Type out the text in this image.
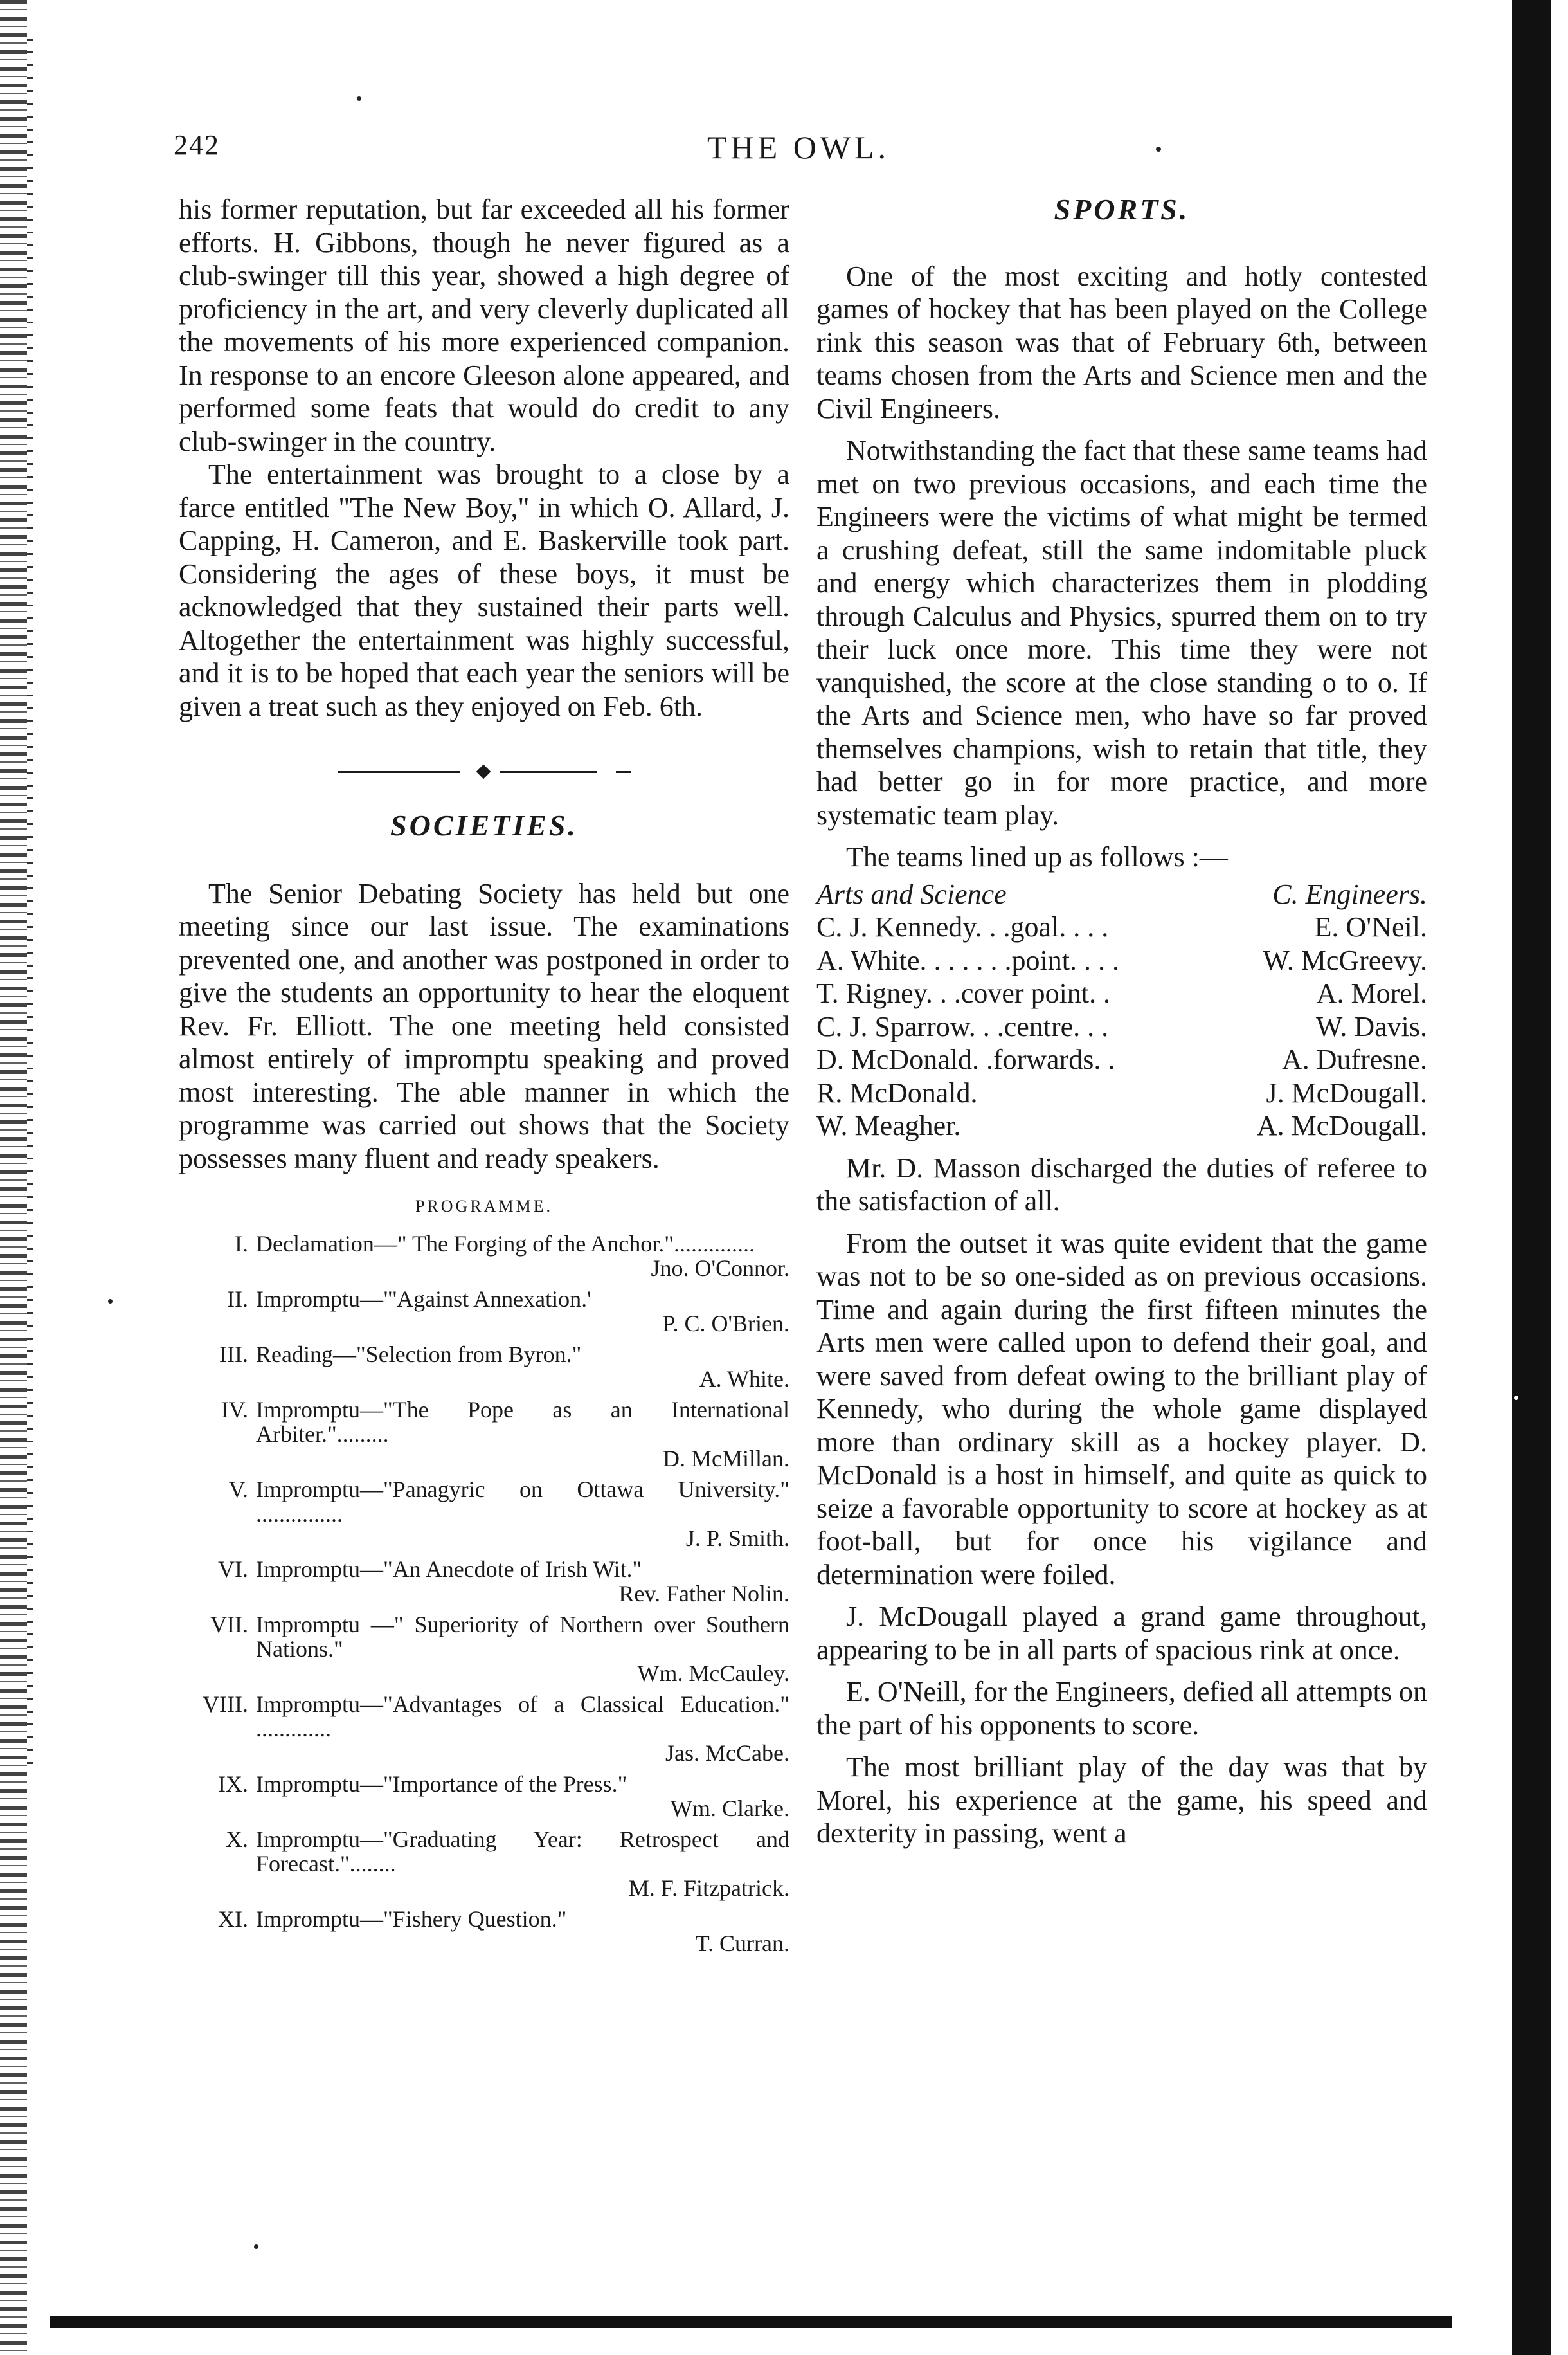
242	THE OWL.

his former reputation, but far exceeded all his former efforts. H. Gibbons, though he never figured as a club-swinger till this year, showed a high degree of proficiency in the art, and very cleverly duplicated all the movements of his more experienced companion. In response to an encore Gleeson alone appeared, and performed some feats that would do credit to any club-swinger in the country.

The entertainment was brought to a close by a farce entitled "The New Boy," in which O. Allard, J. Capping, H. Cameron, and E. Baskerville took part. Considering the ages of these boys, it must be acknowledged that they sustained their parts well. Altogether the entertainment was highly successful, and it is to be hoped that each year the seniors will be given a treat such as they enjoyed on Feb. 6th.

SOCIETIES.

The Senior Debating Society has held but one meeting since our last issue. The examinations prevented one, and another was postponed in order to give the students an opportunity to hear the eloquent Rev. Fr. Elliott. The one meeting held consisted almost entirely of impromptu speaking and proved most interesting. The able manner in which the programme was carried out shows that the Society possesses many fluent and ready speakers.

PROGRAMME.
I. Declamation—" The Forging of the Anchor."..............
Jno. O'Connor.
II. Impromptu—"'Against Annexation.'
P. C. O'Brien.
III. Reading—"Selection from Byron."
A. White.
IV. Impromptu—"The Pope as an International Arbiter.".........
D. McMillan.
V. Impromptu—"Panagyric on Ottawa University." ...............
J. P. Smith.
VI. Impromptu—"An Anecdote of Irish Wit."
Rev. Father Nolin.
VII. Impromptu —" Superiority of Northern over Southern Nations."
Wm. McCauley.
VIII. Impromptu—"Advantages of a Classical Education." .............
Jas. McCabe.
IX. Impromptu—"Importance of the Press."
Wm. Clarke.
X. Impromptu—"Graduating Year: Retrospect and Forecast."........
M. F. Fitzpatrick.
XI. Impromptu—"Fishery Question."
T. Curran.
SPORTS.

One of the most exciting and hotly contested games of hockey that has been played on the College rink this season was that of February 6th, between teams chosen from the Arts and Science men and the Civil Engineers.

Notwithstanding the fact that these same teams had met on two previous occasions, and each time the Engineers were the victims of what might be termed a crushing defeat, still the same indomitable pluck and energy which characterizes them in plodding through Calculus and Physics, spurred them on to try their luck once more. This time they were not vanquished, the score at the close standing o to o. If the Arts and Science men, who have so far proved themselves champions, wish to retain that title, they had better go in for more practice, and more systematic team play.

The teams lined up as follows :—

Arts and Science	C. Engineers.
C. J. Kennedy. . .goal. . . .	E. O'Neil.
A. White. . . . . . .point. . . .	W. McGreevy.
T. Rigney. . .cover point. .	A. Morel.
C. J. Sparrow. . .centre. . .	W. Davis.
D. McDonald. .forwards. .	A. Dufresne.
R. McDonald.	J. McDougall.
W. Meagher.	A. McDougall.

Mr. D. Masson discharged the duties of referee to the satisfaction of all.

From the outset it was quite evident that the game was not to be so one-sided as on previous occasions. Time and again during the first fifteen minutes the Arts men were called upon to defend their goal, and were saved from defeat owing to the brilliant play of Kennedy, who during the whole game displayed more than ordinary skill as a hockey player. D. McDonald is a host in himself, and quite as quick to seize a favorable opportunity to score at hockey as at foot-ball, but for once his vigilance and determination were foiled.

J. McDougall played a grand game throughout, appearing to be in all parts of spacious rink at once.

E. O'Neill, for the Engineers, defied all attempts on the part of his opponents to score.

The most brilliant play of the day was that by Morel, his experience at the game, his speed and dexterity in passing, went a
